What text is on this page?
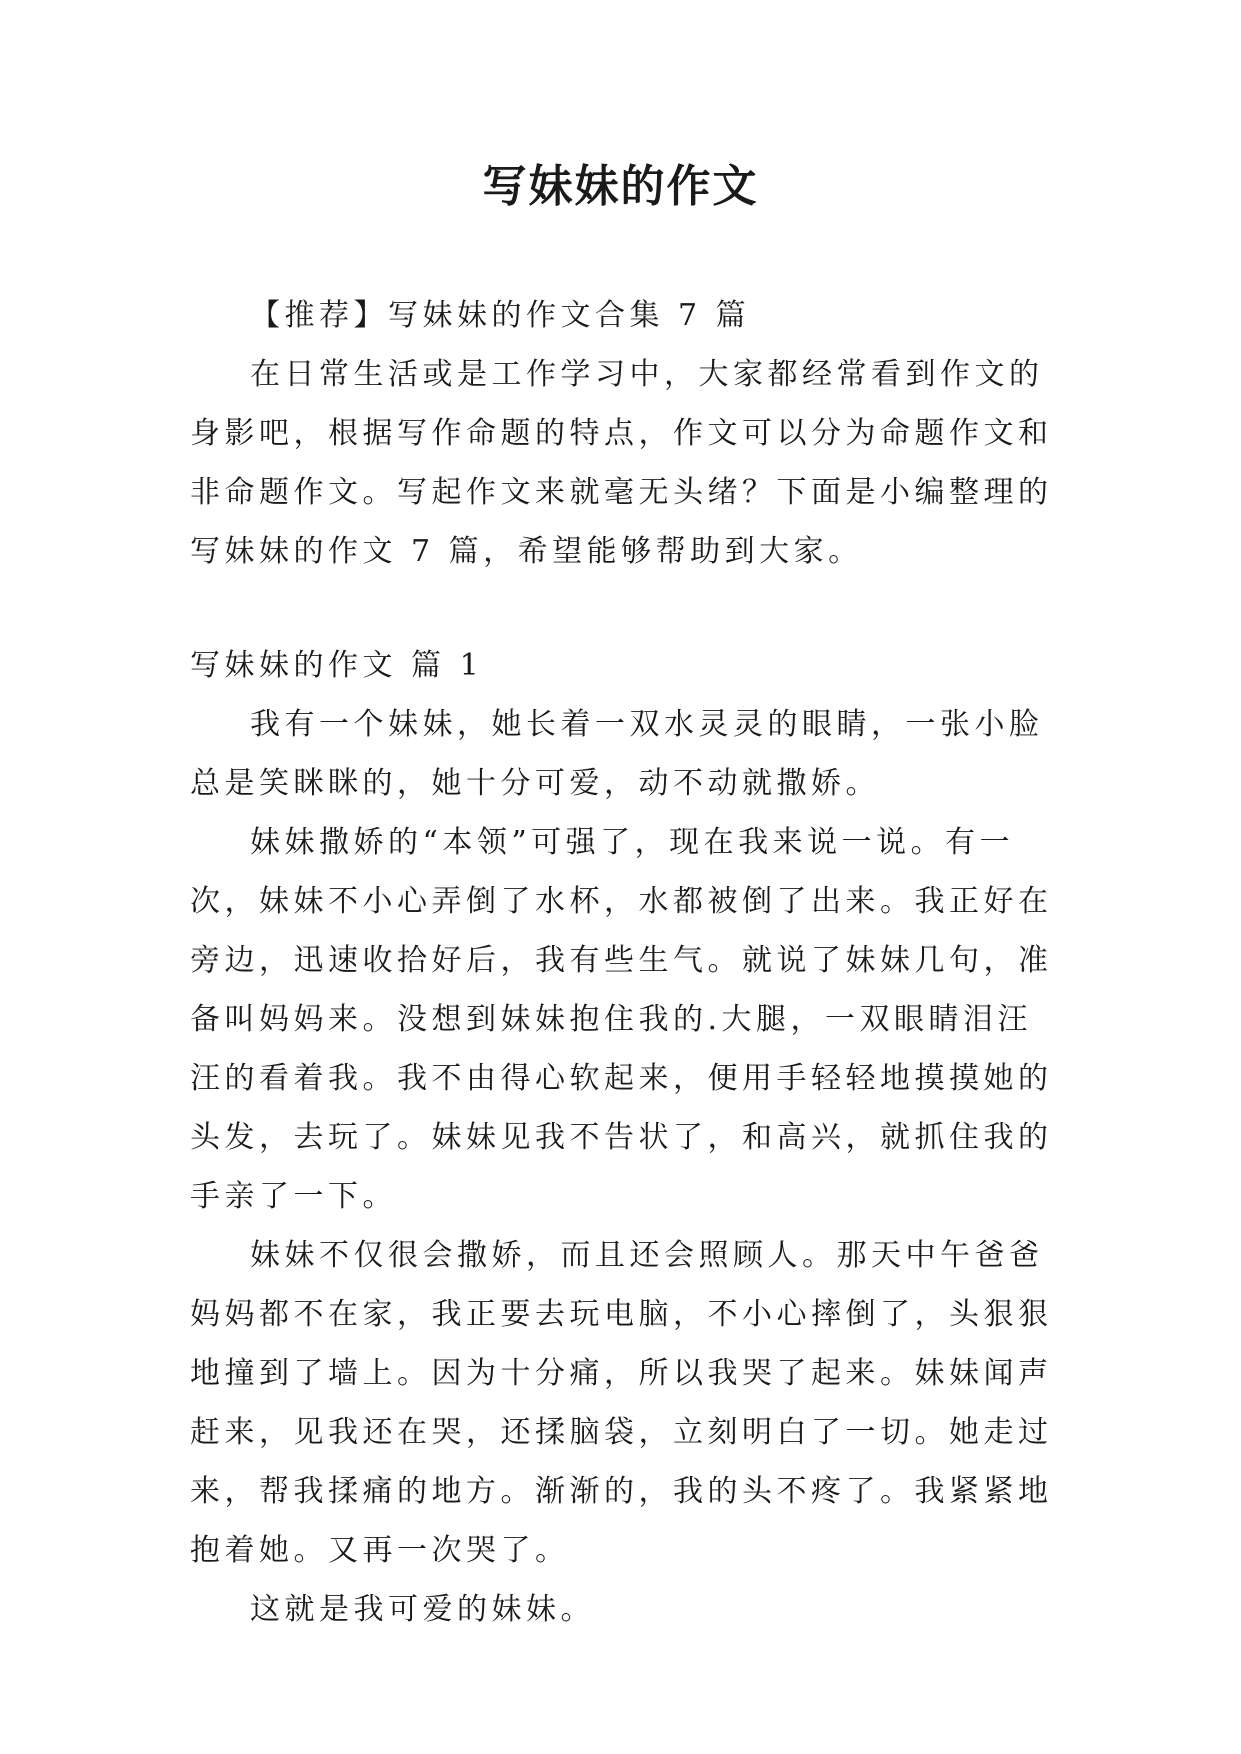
写妹妹的作文

【推荐】写妹妹的作文合集 7 篇

在日常生活或是工作学习中，大家都经常看到作文的身影吧，根据写作命题的特点，作文可以分为命题作文和非命题作文。写起作文来就毫无头绪？下面是小编整理的写妹妹的作文 7 篇，希望能够帮助到大家。

写妹妹的作文 篇 1

我有一个妹妹，她长着一双水灵灵的眼睛，一张小脸总是笑眯眯的，她十分可爱，动不动就撒娇。

妹妹撒娇的“本领”可强了，现在我来说一说。有一次，妹妹不小心弄倒了水杯，水都被倒了出来。我正好在旁边，迅速收拾好后，我有些生气。就说了妹妹几句，准备叫妈妈来。没想到妹妹抱住我的.大腿，一双眼睛泪汪汪的看着我。我不由得心软起来，便用手轻轻地摸摸她的头发，去玩了。妹妹见我不告状了，和高兴，就抓住我的手亲了一下。

妹妹不仅很会撒娇，而且还会照顾人。那天中午爸爸妈妈都不在家，我正要去玩电脑，不小心摔倒了，头狠狠地撞到了墙上。因为十分痛，所以我哭了起来。妹妹闻声赶来，见我还在哭，还揉脑袋，立刻明白了一切。她走过来，帮我揉痛的地方。渐渐的，我的头不疼了。我紧紧地抱着她。又再一次哭了。

这就是我可爱的妹妹。
